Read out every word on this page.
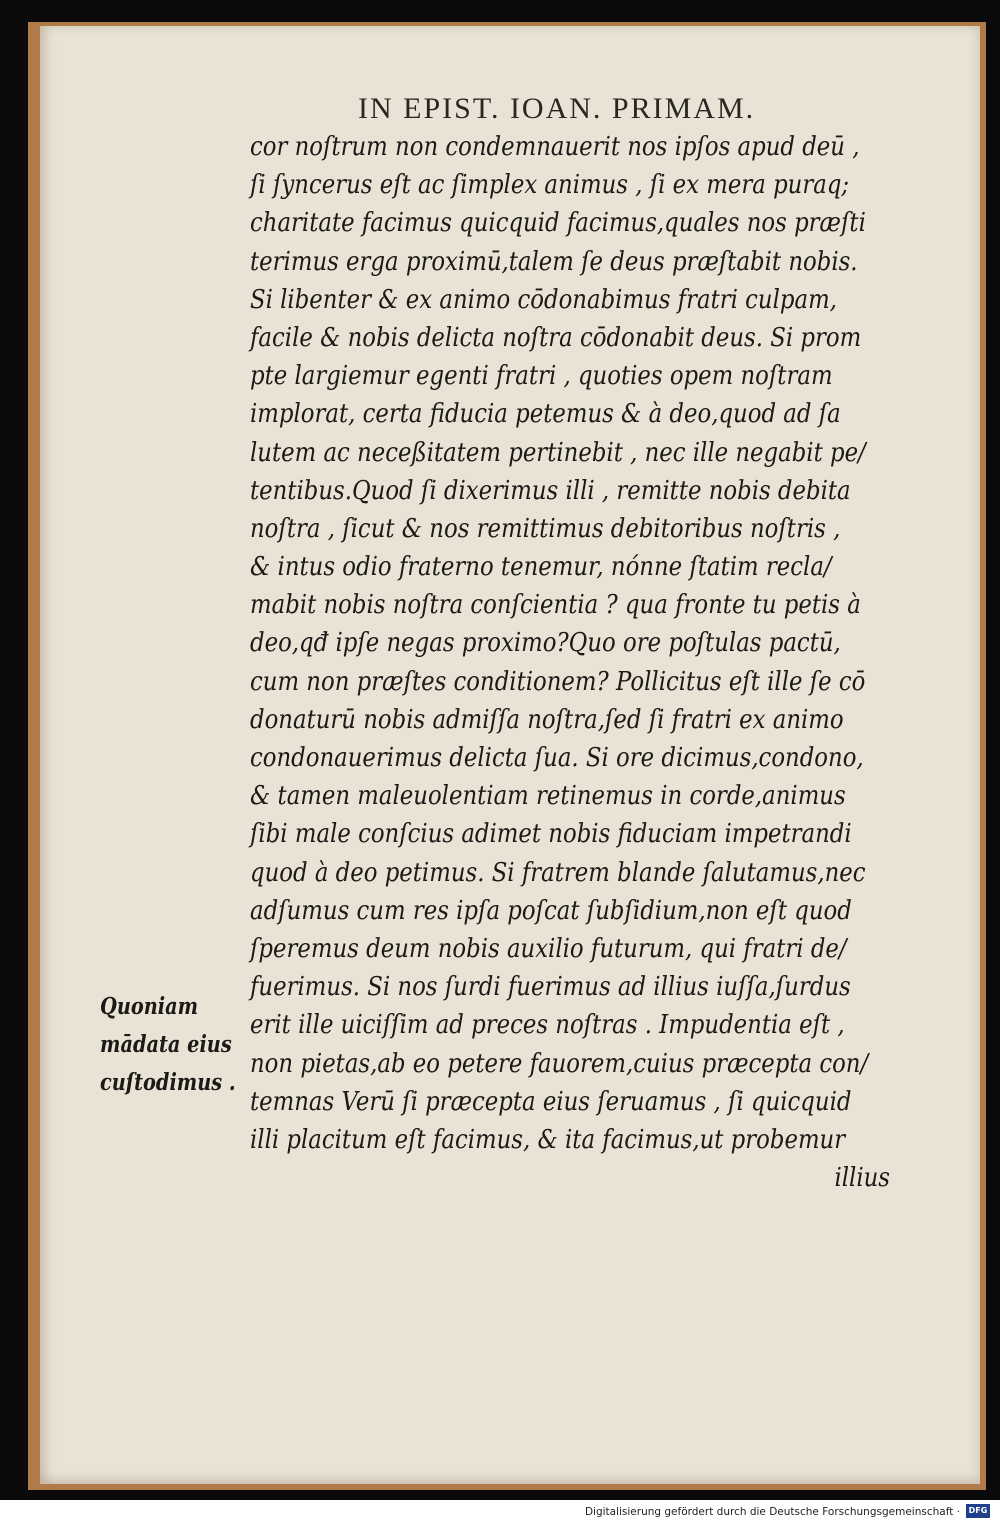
IN EPIST. IOAN. PRIMAM.
cor noſtrum non condemnauerit nos ipſos apud deū ,
ſi ſyncerus eſt ac ſimplex animus , ſi ex mera puraq;
charitate facimus quicquid facimus,quales nos præſti
terimus erga proximū,talem ſe deus præſtabit nobis.
Si libenter & ex animo cōdonabimus fratri culpam,
facile & nobis delicta noſtra cōdonabit deus. Si prom
pte largiemur egenti fratri , quoties opem noſtram
implorat, certa fiducia petemus & à deo,quod ad ſa
lutem ac neceßitatem pertinebit , nec ille negabit pe/
tentibus.Quod ſi dixerimus illi , remitte nobis debita
noſtra , ſicut & nos remittimus debitoribus noſtris ,
& intus odio fraterno tenemur, nónne ſtatim recla/
mabit nobis noſtra conſcientia ? qua fronte tu petis à
deo,qđ ipſe negas proximo?Quo ore poſtulas pactū,
cum non præſtes conditionem? Pollicitus eſt ille ſe cō
donaturū nobis admiſſa noſtra,ſed ſi fratri ex animo
condonauerimus delicta ſua. Si ore dicimus,condono,
& tamen maleuolentiam retinemus in corde,animus
ſibi male conſcius adimet nobis fiduciam impetrandi
quod à deo petimus. Si fratrem blande ſalutamus,nec
adſumus cum res ipſa poſcat ſubſidium,non eſt quod
ſperemus deum nobis auxilio futurum, qui fratri de/
fuerimus. Si nos ſurdi fuerimus ad illius iuſſa,ſurdus
erit ille uiciſſim ad preces noſtras . Impudentia eſt ,
non pietas,ab eo petere fauorem,cuius præcepta con/
temnas Verū ſi præcepta eius ſeruamus , ſi quicquid
illi placitum eſt facimus, & ita facimus,ut probemur
illius
Quoniam
mādata eius
cuſtodimus .
Digitalisierung gefördert durch die Deutsche Forschungsgemeinschaft ·	DFG
